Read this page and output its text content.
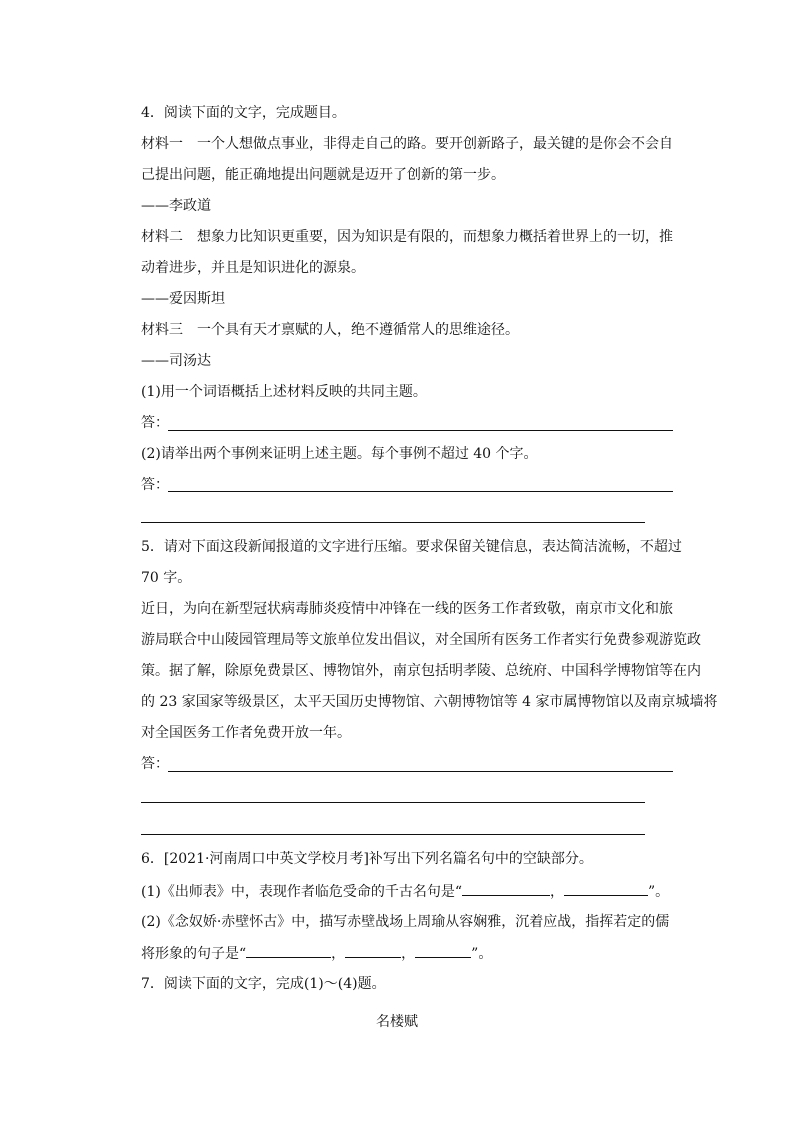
4．阅读下面的文字，完成题目。
材料一　一个人想做点事业，非得走自己的路。要开创新路子，最关键的是你会不会自
己提出问题，能正确地提出问题就是迈开了创新的第一步。
——李政道
材料二　想象力比知识更重要，因为知识是有限的，而想象力概括着世界上的一切，推
动着进步，并且是知识进化的源泉。
——爱因斯坦
材料三　一个具有天才禀赋的人，绝不遵循常人的思维途径。
——司汤达
(1)用一个词语概括上述材料反映的共同主题。
答：
(2)请举出两个事例来证明上述主题。每个事例不超过 40 个字。
答：
5．请对下面这段新闻报道的文字进行压缩。要求保留关键信息，表达简洁流畅，不超过
70 字。
近日，为向在新型冠状病毒肺炎疫情中冲锋在一线的医务工作者致敬，南京市文化和旅
游局联合中山陵园管理局等文旅单位发出倡议，对全国所有医务工作者实行免费参观游览政
策。据了解，除原免费景区、博物馆外，南京包括明孝陵、总统府、中国科学博物馆等在内
的 23 家国家等级景区，太平天国历史博物馆、六朝博物馆等 4 家市属博物馆以及南京城墙将
对全国医务工作者免费开放一年。
答：
6．[2021·河南周口中英文学校月考]补写出下列名篇名句中的空缺部分。
(1)《出师表》中，表现作者临危受命的千古名句是“	，	”。
(2)《念奴娇·赤壁怀古》中，描写赤壁战场上周瑜从容娴雅，沉着应战，指挥若定的儒
将形象的句子是“	，	，	”。
7．阅读下面的文字，完成(1)～(4)题。
名楼赋
